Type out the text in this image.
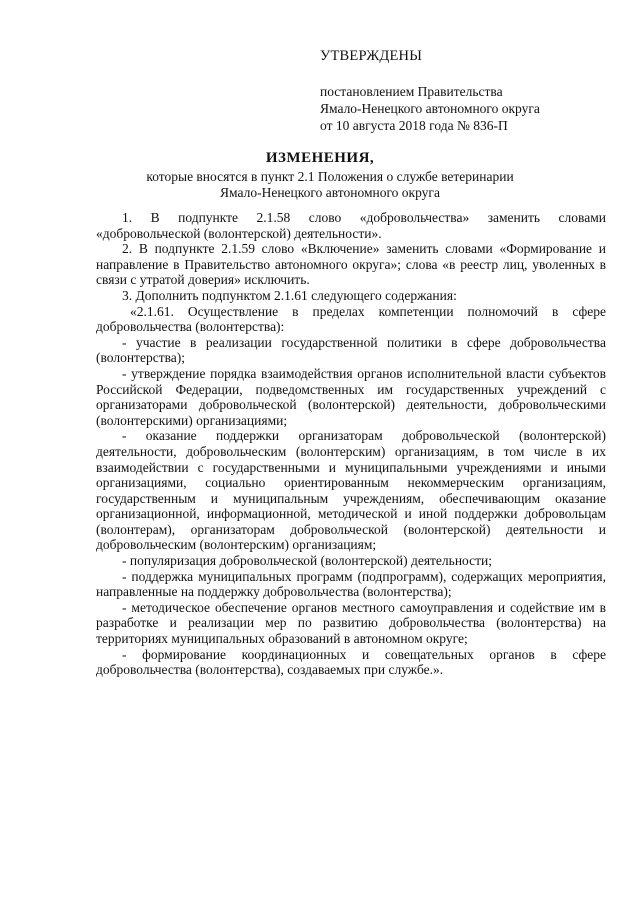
УТВЕРЖДЕНЫ
постановлением Правительства
Ямало-Ненецкого автономного округа
от 10 августа 2018 года № 836-П
ИЗМЕНЕНИЯ,
которые вносятся в пункт 2.1 Положения о службе ветеринарии Ямало-Ненецкого автономного округа

1. В подпункте 2.1.58 слово «добровольчества» заменить словами «добровольческой (волонтерской) деятельности».

2. В подпункте 2.1.59 слово «Включение» заменить словами «Формирование и направление в Правительство автономного округа»; слова «в реестр лиц, уволенных в связи с утратой доверия» исключить.

3. Дополнить подпунктом 2.1.61 следующего содержания:

«2.1.61. Осуществление в пределах компетенции полномочий в сфере добровольчества (волонтерства):

- участие в реализации государственной политики в сфере добровольчества (волонтерства);

- утверждение порядка взаимодействия органов исполнительной власти субъектов Российской Федерации, подведомственных им государственных учреждений с организаторами добровольческой (волонтерской) деятельности, добровольческими (волонтерскими) организациями;

- оказание поддержки организаторам добровольческой (волонтерской) деятельности, добровольческим (волонтерским) организациям, в том числе в их взаимодействии с государственными и муниципальными учреждениями и иными организациями, социально ориентированным некоммерческим организациям, государственным и муниципальным учреждениям, обеспечивающим оказание организационной, информационной, методической и иной поддержки добровольцам (волонтерам), организаторам добровольческой (волонтерской) деятельности и добровольческим (волонтерским) организациям;

- популяризация добровольческой (волонтерской) деятельности;

- поддержка муниципальных программ (подпрограмм), содержащих мероприятия, направленные на поддержку добровольчества (волонтерства);

- методическое обеспечение органов местного самоуправления и содействие им в разработке и реализации мер по развитию добровольчества (волонтерства) на территориях муниципальных образований в автономном округе;

- формирование координационных и совещательных органов в сфере добровольчества (волонтерства), создаваемых при службе.».
